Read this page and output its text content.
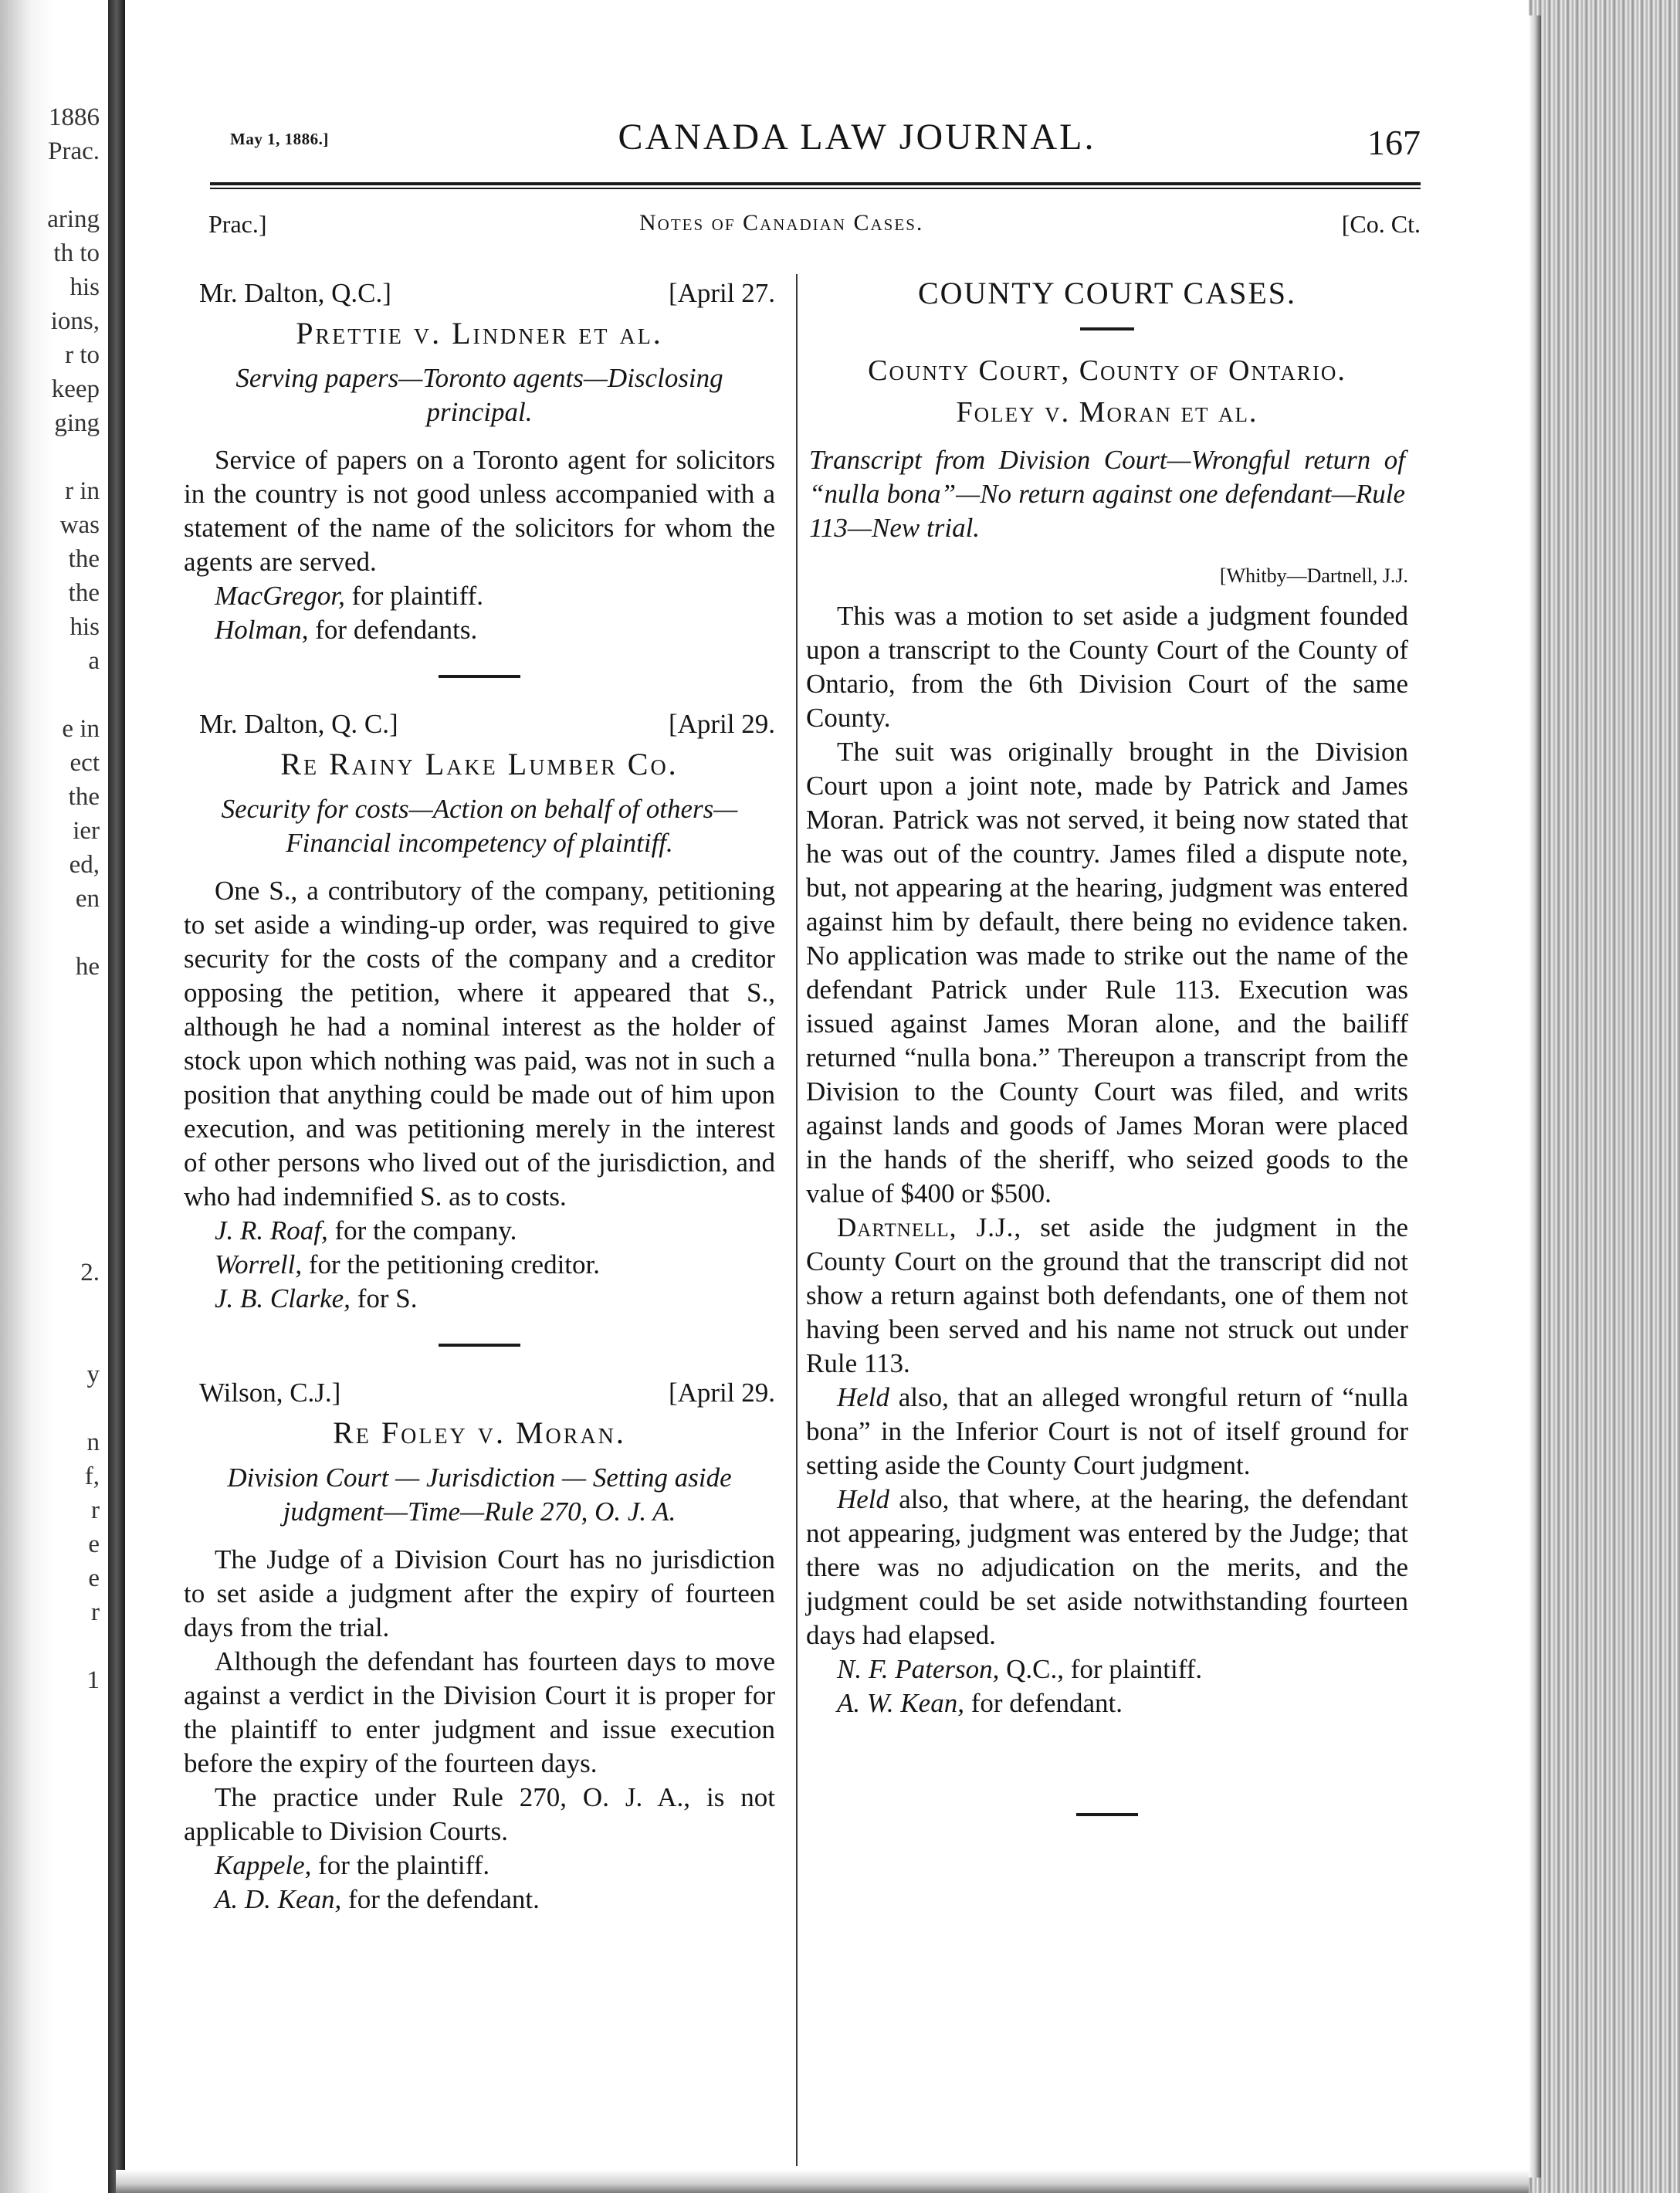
1886
Prac.

aring
th to
his
ions,
r to
keep
ging

r in
was
the
the
his
a

e in
ect
the
ier
ed,
en

he

2.

y

n
f,
r
e
e
r

1
May 1, 1886.]	CANADA LAW JOURNAL.	167
Prac.]	Notes of Canadian Cases.	[Co. Ct.
Mr. Dalton, Q.C.]	[April 27.
Prettie v. Lindner et al.
Serving papers—Toronto agents—Disclosing principal.

Service of papers on a Toronto agent for solicitors in the country is not good unless accompanied with a statement of the name of the solicitors for whom the agents are served.

MacGregor, for plaintiff.
Holman, for defendants.
Mr. Dalton, Q. C.]	[April 29.
Re Rainy Lake Lumber Co.
Security for costs—Action on behalf of others—Financial incompetency of plaintiff.

One S., a contributory of the company, petitioning to set aside a winding-up order, was required to give security for the costs of the company and a creditor opposing the petition, where it appeared that S., although he had a nominal interest as the holder of stock upon which nothing was paid, was not in such a position that anything could be made out of him upon execution, and was petitioning merely in the interest of other persons who lived out of the jurisdiction, and who had indemnified S. as to costs.

J. R. Roaf, for the company.
Worrell, for the petitioning creditor.
J. B. Clarke, for S.
Wilson, C.J.]	[April 29.
Re Foley v. Moran.
Division Court — Jurisdiction — Setting aside judgment—Time—Rule 270, O. J. A.

The Judge of a Division Court has no jurisdiction to set aside a judgment after the expiry of fourteen days from the trial.

Although the defendant has fourteen days to move against a verdict in the Division Court it is proper for the plaintiff to enter judgment and issue execution before the expiry of the fourteen days.

The practice under Rule 270, O. J. A., is not applicable to Division Courts.

Kappele, for the plaintiff.
A. D. Kean, for the defendant.
COUNTY COURT CASES.
County Court, County of Ontario.
Foley v. Moran et al.
Transcript from Division Court—Wrongful return of “nulla bona”—No return against one defendant—Rule 113—New trial.
[Whitby—Dartnell, J.J.

This was a motion to set aside a judgment founded upon a transcript to the County Court of the County of Ontario, from the 6th Division Court of the same County.

The suit was originally brought in the Division Court upon a joint note, made by Patrick and James Moran. Patrick was not served, it being now stated that he was out of the country. James filed a dispute note, but, not appearing at the hearing, judgment was entered against him by default, there being no evidence taken. No application was made to strike out the name of the defendant Patrick under Rule 113. Execution was issued against James Moran alone, and the bailiff returned “nulla bona.” Thereupon a transcript from the Division to the County Court was filed, and writs against lands and goods of James Moran were placed in the hands of the sheriff, who seized goods to the value of $400 or $500.

Dartnell, J.J., set aside the judgment in the County Court on the ground that the transcript did not show a return against both defendants, one of them not having been served and his name not struck out under Rule 113.

Held also, that an alleged wrongful return of “nulla bona” in the Inferior Court is not of itself ground for setting aside the County Court judgment.

Held also, that where, at the hearing, the defendant not appearing, judgment was entered by the Judge; that there was no adjudication on the merits, and the judgment could be set aside notwithstanding fourteen days had elapsed.

N. F. Paterson, Q.C., for plaintiff.
A. W. Kean, for defendant.
